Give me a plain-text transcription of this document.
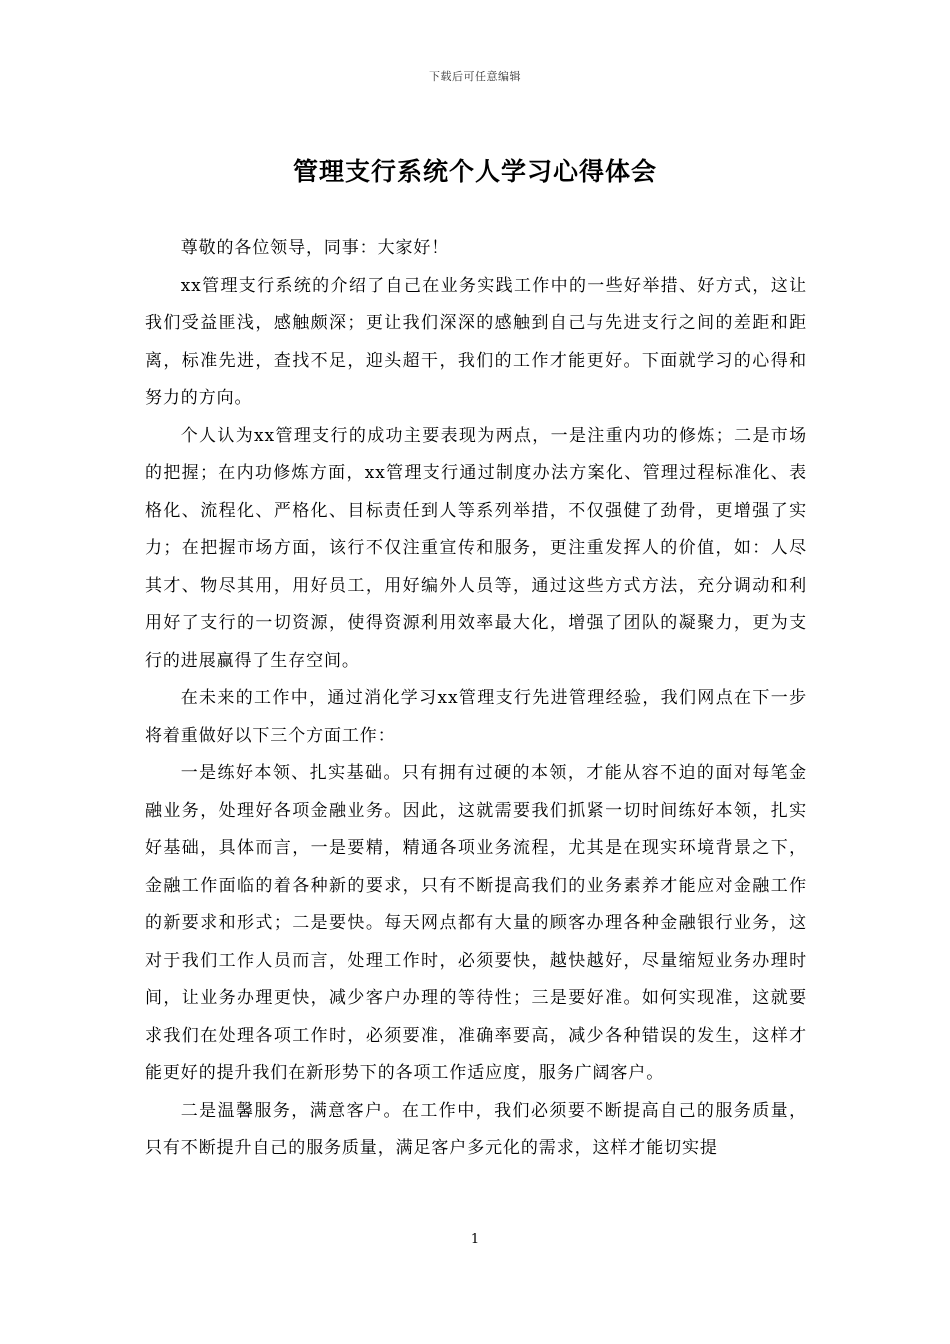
下载后可任意编辑
管理支行系统个人学习心得体会

尊敬的各位领导，同事：大家好！

xx管理支行系统的介绍了自己在业务实践工作中的一些好举措、好方式，这让我们受益匪浅，感触颇深；更让我们深深的感触到自己与先进支行之间的差距和距离，标准先进，查找不足，迎头超干，我们的工作才能更好。下面就学习的心得和努力的方向。

个人认为xx管理支行的成功主要表现为两点，一是注重内功的修炼；二是市场的把握；在内功修炼方面，xx管理支行通过制度办法方案化、管理过程标准化、表格化、流程化、严格化、目标责任到人等系列举措，不仅强健了劲骨，更增强了实力；在把握市场方面，该行不仅注重宣传和服务，更注重发挥人的价值，如：人尽其才、物尽其用，用好员工，用好编外人员等，通过这些方式方法，充分调动和利用好了支行的一切资源，使得资源利用效率最大化，增强了团队的凝聚力，更为支行的进展赢得了生存空间。

在未来的工作中，通过消化学习xx管理支行先进管理经验，我们网点在下一步将着重做好以下三个方面工作：

一是练好本领、扎实基础。只有拥有过硬的本领，才能从容不迫的面对每笔金融业务，处理好各项金融业务。因此，这就需要我们抓紧一切时间练好本领，扎实好基础，具体而言，一是要精，精通各项业务流程，尤其是在现实环境背景之下，金融工作面临的着各种新的要求，只有不断提高我们的业务素养才能应对金融工作的新要求和形式；二是要快。每天网点都有大量的顾客办理各种金融银行业务，这对于我们工作人员而言，处理工作时，必须要快，越快越好，尽量缩短业务办理时间，让业务办理更快，减少客户办理的等待性；三是要好准。如何实现准，这就要求我们在处理各项工作时，必须要准，准确率要高，减少各种错误的发生，这样才能更好的提升我们在新形势下的各项工作适应度，服务广阔客户。

二是温馨服务，满意客户。在工作中，我们必须要不断提高自己的服务质量，只有不断提升自己的服务质量，满足客户多元化的需求，这样才能切实提

1
